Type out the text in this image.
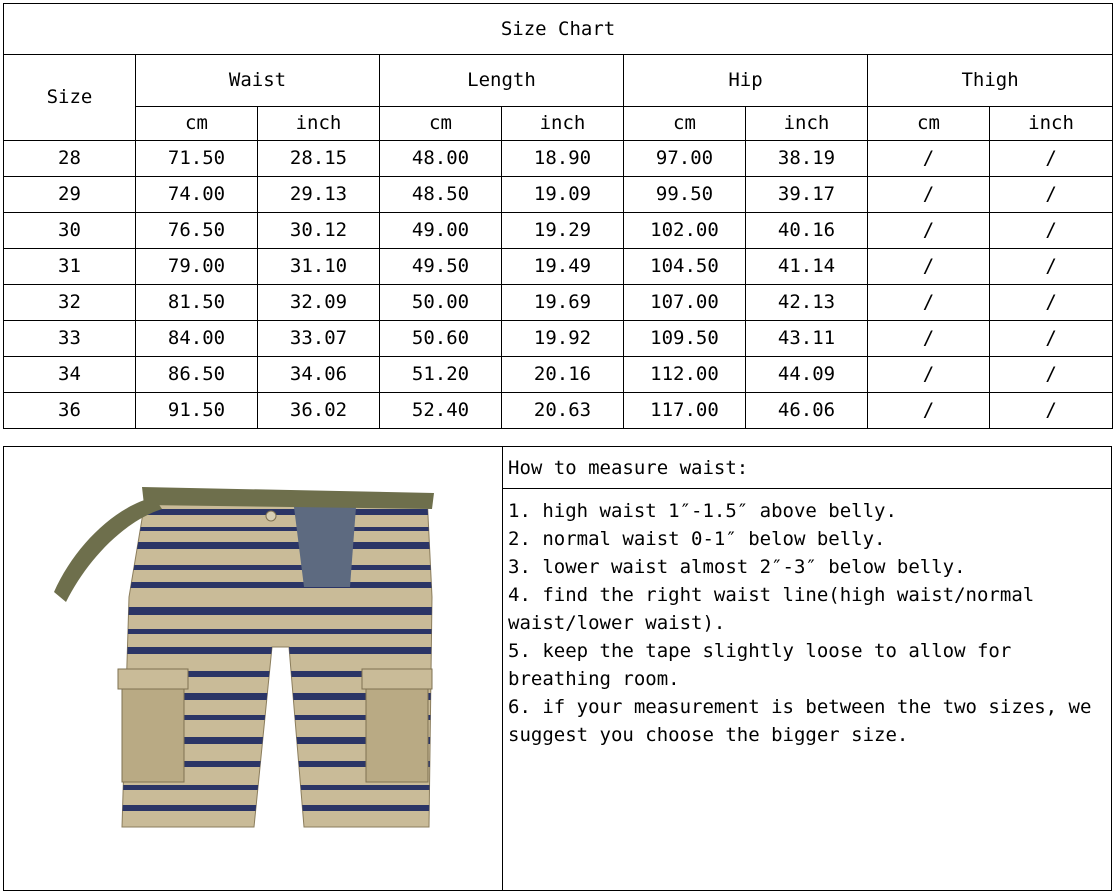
Size Chart								
Size	Waist		Length		Hip		Thigh	
	cm	inch	cm	inch	cm	inch	cm	inch
28	71.50	28.15	48.00	18.90	97.00	38.19	/	/
29	74.00	29.13	48.50	19.09	99.50	39.17	/	/
30	76.50	30.12	49.00	19.29	102.00	40.16	/	/
31	79.00	31.10	49.50	19.49	104.50	41.14	/	/
32	81.50	32.09	50.00	19.69	107.00	42.13	/	/
33	84.00	33.07	50.60	19.92	109.50	43.11	/	/
34	86.50	34.06	51.20	20.16	112.00	44.09	/	/
36	91.50	36.02	52.40	20.63	117.00	46.06	/	/
How to measure waist:
1. high waist 1″-1.5″ above belly.
2. normal waist 0-1″ below belly.
3. lower waist almost 2″-3″ below belly.
4. find the right waist line(high waist/normal waist/lower waist).
5. keep the tape slightly loose to allow for breathing room.
6. if your measurement is between the two sizes, we suggest you choose the bigger size.
